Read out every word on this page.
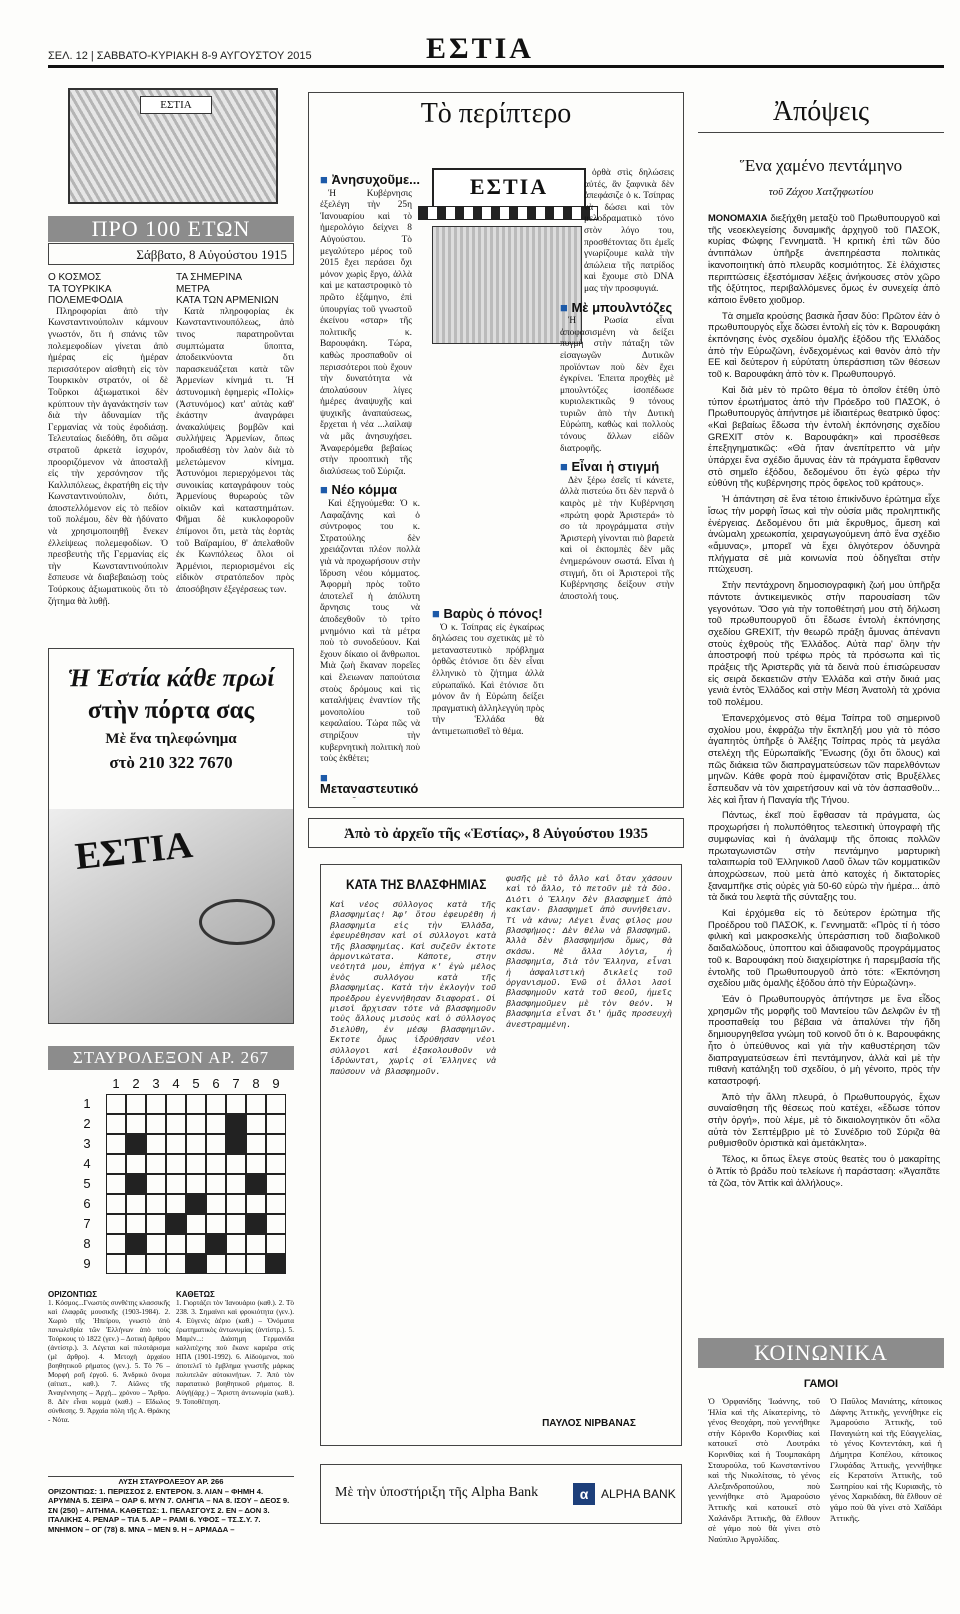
ΣΕΛ. 12 | ΣΑΒΒΑΤΟ-ΚΥΡΙΑΚΗ 8-9 ΑΥΓΟΥΣΤΟΥ 2015	ΕΣΤΙΑ
ΕΣΤΙΑ
ΠΡΟ 100 ΕΤΩΝ
Σάββατο, 8 Αὐγούστου 1915
Ο ΚΟΣΜΟΣ
ΤΑ ΤΟΥΡΚΙΚΑ
ΠΟΛΕΜΕΦΟΔΙΑ

Πληροφορίαι ἀπὸ τὴν Κωνσταντινούπολιν κάμνουν γνωστόν, ὅτι ἡ σπάνις τῶν πολεμεφοδίων γίνεται ἀπὸ ἡμέρας εἰς ἡμέραν περισσότερον αἰσθητὴ εἰς τὸν Τουρκικὸν στρατόν, οἱ δὲ Τοῦρκοι ἀξιωματικοὶ δὲν κρύπτουν τὴν ἀγανάκτησίν των διὰ τὴν ἀδυναμίαν τῆς Γερμανίας νὰ τοὺς ἐφοδιάσῃ. Τελευταίως διεδόθη, ὅτι σῶμα στρατοῦ ἀρκετὰ ἰσχυρόν, προοριζόμενον νὰ ἀποσταλῇ εἰς τὴν χερσόνησον τῆς Καλλιπόλεως, ἐκρατήθη εἰς τὴν Κωνσταντινούπολιν, διότι, ἀποστελλόμενον εἰς τὸ πεδίον τοῦ πολέμου, δὲν θὰ ἠδύνατο νὰ χρησιμοποιηθῇ ἕνεκεν ἐλλείψεως πολεμεφοδίων. Ὁ πρεσβευτὴς τῆς Γερμανίας εἰς τὴν Κωνσταντινούπολιν ἔσπευσε νὰ διαβεβαιώσῃ τοὺς Τούρκους ἀξιωματικοὺς ὅτι τὸ ζήτημα θὰ λυθῇ.

ΤΑ ΣΗΜΕΡΙΝΑ
ΜΕΤΡΑ
ΚΑΤΑ ΤΩΝ ΑΡΜΕΝΙΩΝ

Κατὰ πληροφορίας ἐκ Κωνσταντινουπόλεως, ἀπὸ τινος παρατηροῦνται συμπτώματα ὕποπτα, ἀποδεικνύοντα ὅτι παρασκευάζεται κατὰ τῶν Ἀρμενίων κίνημά τι. Ἡ ἀστυνομικὴ ἐφημερὶς «Πολίς» (Ἀστυνόμος) κατ' αὐτὰς καθ' ἑκάστην ἀναγράφει ἀνακαλύψεις βομβῶν καὶ συλλήψεις Ἀρμενίων, ὅπως προδιαθέσῃ τὸν λαὸν διὰ τὸ μελετώμενον κίνημα. Ἀστυνόμοι περιερχόμενοι τὰς συνοικίας καταγράφουν τοὺς Ἀρμενίους θυρωροὺς τῶν οἰκιῶν καὶ καταστημάτων. Φῆμαι δὲ κυκλοφοροῦν ἐπίμονοι ὅτι, μετὰ τὰς ἑορτὰς τοῦ Βαϊραμίου, θ' ἀπελαθοῦν ἐκ Κωνπόλεως ὅλοι οἱ Ἀρμένιοι, περιορισμένοι εἰς εἰδικὸν στρατόπεδον πρὸς ἀποσόβησιν ἐξεγέρσεως των.

Ἡ Ἑστία κάθε πρωί
στὴν πόρτα σας
Μὲ ἕνα τηλεφώνημα
στὸ 210 322 7670
ΕΣΤΙΑ
ΣΤΑΥΡΟΛΕΞΟΝ ΑΡ. 267
1 2 3 4 5 6 7 8 9
1
2
3
4
5
6
7
8
9
ΟΡΙΖΟΝΤΙΩΣ
1. Κόσμος...Γνωστὸς συνθέτης κλασσικῆς καὶ ἐλαφρᾶς μουσικῆς (1903-1984). 2. Χωριὸ τῆς Ἠπείρου, γνωστὸ ἀπὸ πανωλεθρία τῶν Ἑλλήνων ἀπὸ τοὺς Τούρκους τὸ 1822 (γεν.) – Δοτικὴ ἄρθρου (ἀντίστρ.). 3. Λέγεται καὶ πιλοτάρισμα (μὲ ἄρθρο). 4. Μετοχὴ ἀρχαίου βοηθητικοῦ ρήματος (γεν.). 5. Τὸ 76 – Μορφὴ ροῆ ἐργοῦ. 6. Ἀνδρικὸ ὄνομα (αἰτιατ., καθ.). 7. Αἰῶνες τῆς Ἀναγέννησης – Ἀρχὴ... χρόνου – Ἄρθρο. 8. Δὲν εἶναι κομμὰ (καθ.) – Εἴδωλος σύνθεσης. 9. Ἀρχαία πόλη τῆς Α. Θράκης - Νότα.
ΚΑΘΕΤΩΣ
1. Γιορτάζει τὸν Ἰανουάριο (καθ.). 2. Τὸ 238. 3. Σημαίνει καὶ φροκιότητα (γεν.). 4. Εὐγενὲς ἀέριο (καθ.) – Ὀνόματα ἐρωτηματικὸς ἀντωνυμίας (ἀντίστρ.). 5. Μαμέν...: Διάσημη Γερμανίδα καλλιτέχνης ποὺ ἔκανε καριέρα στὶς ΗΠΑ (1901-1992). 6. Αἰδούμενοι, ποὺ ἀποτελεῖ τὸ ἔμβλημα γνωστῆς μάρκας πολυτελῶν αὐτοκινήτων. 7. Ἀπὸ τὸν παρατατικὸ βοηθητικοῦ ρήματος. 8. Αὐγή(ἀρχ.) – Ἄριστη ἀντωνυμία (καθ.). 9. Τοποθέτηση.
ΛΥΣΗ ΣΤΑΥΡΟΛΕΞΟΥ ΑΡ. 266
ΟΡΙΖΟΝΤΙΩΣ: 1. ΠΕΡΙΣΣΟΣ 2. ΕΝΤΕΡΟΝ. 3. ΛΙΑΝ – ΦΗΜΗ 4. ΑΡΥΜΝΑ 5. ΣΕΙΡΑ – ΟΑΡ 6. ΜΥΝ 7. ΟΛΗΓΙΑ – ΝΑ 8. ΙΣΟΥ – ΔΕΟΣ 9. ΣΝ (250) – ΑΙΤΗΜΑ. ΚΑΘΕΤΩΣ: 1. ΠΕΛΑΣΓΟΥΣ 2. ΕΝ – ΔΟΝ 3. ΙΤΑΛΙΚΗΣ 4. ΡΕΝΑΡ – ΤΙΑ 5. ΑΡ – ΡΑΜΙ 6. ΥΦΟΣ – ΤΣ.Σ.Υ. 7. ΜΝΗΜΟΝ – ΟΓ (78) 8. ΜΝΑ – ΜΕΝ 9. Η – ΑΡΜΑΔΑ –
Τὸ περίπτερο
ΕΣΤΙΑ
■ Ἀνησυχοῦμε...

Ἡ Κυβέρνησις ἐξελέγη τὴν 25η Ἰανουαρίου καὶ τὸ ἡμερολόγιο δείχνει 8 Αὐγούστου. Τὸ μεγαλύτερο μέρος τοῦ 2015 ἔχει περάσει ὄχι μόνον χωρὶς ἔργο, ἀλλὰ καὶ με καταστροφικὸ τὸ πρῶτο ἑξάμηνο, ἐπὶ ὑπουργίας τοῦ γνωστοῦ ἐκείνου «σταρ» τῆς πολιτικῆς κ. Βαρουφάκη. Τώρα, καθὼς προσπαθοῦν οἱ περισσότεροι ποὺ ἔχουν τὴν δυνατότητα νὰ ἀπολαύσουν λίγες ἡμέρες ἀναψυχῆς καὶ ψυχικῆς ἀναπαύσεως, ἔρχεται ἡ νέα ...λαίλαψ νὰ μᾶς ἀνησυχήσει. Ἀναφερόμεθα βεβαίως στὴν προοπτικὴ τῆς διαλύσεως τοῦ Σύριζα.

■ Νέο κόμμα

Καὶ ἐξηγούμεθα: Ὁ κ. Λαφαζάνης καὶ ὁ σύντροφος του κ. Στρατούλης δὲν χρειάζονται πλέον πολλὰ γιὰ νὰ προχωρήσουν στὴν ἵδρυση νέου κόμματος. Ἀφορμὴ πρὸς τοῦτο ἀποτελεῖ ἡ ἀπόλυτη ἄρνησις τους νὰ ἀποδεχθοῦν τὸ τρίτο μνημόνιο καὶ τὰ μέτρα ποὺ τὸ συνοδεύουν. Καὶ ἔχουν δίκαιο οἱ ἄνθρωποι. Μιὰ ζωὴ ἔκαναν πορεῖες καὶ ἔλειωναν παπούτσια στοὺς δρόμους καὶ τὶς καταλήψεις ἐναντίον τῆς μονοπολίου τοῦ κεφαλαίου. Τώρα πῶς νὰ στηρίξουν τὴν κυβερνητικὴ πολιτικὴ ποὺ τοὺς ἐκθέτει;

■ Μεταναστευτικό

■ Βαρὺς ὁ πόνος!

Ὁ κ. Τσίπρας εἰς ἐγκαίρως δηλώσεις του σχετικὰς μὲ τὸ μεταναστευτικὸ πρόβλημα ὀρθῶς ἐτόνισε ὅτι δὲν εἶναι ἑλληνικὸ τὸ ζήτημα ἀλλὰ εὐρωπαϊκό. Καὶ ἐτόνισε ὅτι μόνον ἂν ἡ Εὐρώπη δείξει πραγματικὴ ἀλληλεγγύη πρὸς τὴν Ἑλλάδα θὰ ἀντιμετωπισθεῖ τὸ θέμα.

ὀρθὰ στὶς δηλώσεις αὐτές, ἂν ξαφνικὰ δὲν ἀπεφάσιζε ὁ κ. Τσίπρας νὰ δώσει καὶ τὸν μελοδραματικὸ τόνο στὸν λόγο του, προσθέτοντας ὅτι ἐμεῖς γνωρίζουμε καλὰ τὴν ἀπώλεια τῆς πατρίδος καὶ ἔχουμε στὸ DNA μας τὴν προσφυγιά.

■ Μὲ μπουλντόζες

Ἡ Ρωσία εἶναι ἀποφασισμένη νὰ δείξει πυγμὴ στὴν πάταξη τῶν εἰσαγωγῶν Δυτικῶν προϊόντων ποὺ δὲν ἔχει ἐγκρίνει. Ἐπειτα προχθὲς μὲ μπουλντόζες ἰσοπέδωσε κυριολεκτικῶς 9 τόνους τυριῶν ἀπὸ τὴν Δυτικὴ Εὐρώπη, καθὼς καὶ πολλοὺς τόνους ἄλλων εἰδῶν διατροφῆς.

■ Εἶναι ἡ στιγμή

Δὲν ξέρω ἐσεῖς τί κάνετε, ἀλλὰ πιστεύω ὅτι δὲν περνᾶ ὁ καιρὸς μὲ τὴν Κυβέρνηση «πρώτη φορὰ Ἀριστερά» τὸ σο τὰ προγράμματα στὴν Ἀριστερὴ γίνονται πιὸ βαρετὰ καὶ οἱ ἐκπομπὲς δὲν μᾶς ἐνημερώνουν σωστά. Εἶναι ἡ στιγμή, ὅτι οἱ Ἀριστεροὶ τῆς Κυβέρνησης δείξουν στὴν ἀποστολή τους.

Ἀπὸ τὸ ἀρχεῖο τῆς «Ἑστίας», 8 Αὐγούστου 1935
ΚΑΤΑ ΤΗΣ ΒΛΑΣΦΗΜΙΑΣ
Καὶ νέος σύλλογος κατὰ τῆς βλασφημίας! Ἀφ' ὅτου ἐφευρέθη ἡ βλασφημία εἰς τὴν Ἑλλάδα, ἐφευρέθησαν καὶ οἱ σύλλογοι κατὰ τῆς βλασφημίας. Καὶ συζεῦν ἐκτοτε ἀρμονικώτατα. Κάποτε, στην νεότητά μου, ἐπήγα κ' ἐγὼ μέλος ἑνὸς συλλόγου κατὰ τῆς βλασφημίας. Κατὰ τὴν ἐκλογὴν τοῦ προέδρου ἐγεννήθησαν διαφοραί. Οἱ μισοὶ ἄρχισαν τότε νὰ βλασφημοῦν τοὺς ἄλλους μισοὺς καὶ ὁ σύλλογος διελύθη, ἐν μέσῳ βλασφημιῶν. Ἔκτοτε ὅμως ἱδρύθησαν νέοι σύλλογοι καὶ ἐξακολουθοῦν νὰ ἱδρύωνται, χωρὶς οἱ Ἕλληνες νὰ παύσουν νὰ βλασφημοῦν.
φυσῆς μὲ τὸ ἄλλο καὶ ὅταν χάσουν καὶ τὸ ἄλλο, τὸ πετοῦν μὲ τὰ δύο. Διότι ὁ Ἕλλην δὲν βλασφημεῖ ἀπὸ κακίαν· βλασφημεῖ ἀπὸ συνήθειαν. Τί νὰ κάνω; Λέγει ἕνας φίλος μου βλασφήμος: Δὲν θέλω νὰ βλασφημῶ. Ἀλλὰ δὲν βλασφημήσω ὅμως, θὰ σκάσω. Μὲ ἄλλα λόγια, ἡ βλασφημία, διὰ τὸν Ἕλληνα, εἶναι ἡ ἀσφαλιστικὴ δικλεὶς τοῦ ὀργανισμοῦ. Ἐνῶ οἱ ἄλλοι λαοὶ βλασφημοῦν κατὰ τοῦ Θεοῦ, ἡμεῖς βλασφημοῦμεν μὲ τὸν Θεόν. Ἡ βλασφημία εἶναι δι' ἡμᾶς προσευχὴ ἀνεστραμμένη.
ΠΑΥΛΟΣ ΝΙΡΒΑΝΑΣ
Μὲ τὴν ὑποστήριξη τῆς Alpha Bank	α	ALPHA BANK
Ἀπόψεις
Ἕνα χαμένο πεντάμηνο
τοῦ Ζάχου Χατζηφωτίου

ΜΟΝΟΜΑΧΙΑ διεξήχθη μεταξὺ τοῦ Πρωθυπουργοῦ καὶ τῆς νεοεκλεγείσης δυναμικῆς ἀρχηγοῦ τοῦ ΠΑΣΟΚ, κυρίας Φώφης Γεννηματᾶ. Ἡ κριτικὴ ἐπὶ τῶν δύο ἀντιπάλων ὑπῆρξε ἀνεπηρέαστα πολιτικὰς ἱκανοποιητικὴ ἀπὸ πλευρᾶς κοσμιότητος. Σὲ ἐλάχιστες περιπτώσεις ἐξεστόμισαν λέξεις ἀνήκουσες στὸν χῶρο τῆς ὀξύτητος, περιβαλλόμενες ὅμως ἐν συνεχείᾳ ἀπὸ κάποιο ἔνθετο χιοῦμορ.

Τὰ σημεῖα κρούσης βασικὰ ἦσαν δύο: Πρῶτον ἐὰν ὁ πρωθυπουργὸς εἶχε δώσει ἐντολὴ εἰς τὸν κ. Βαρουφάκη ἐκπόνησης ἑνὸς σχεδίου ὁμαλῆς ἐξόδου τῆς Ἑλλάδος ἀπὸ τὴν Εὐρωζώνη, ἐνδεχομένως καὶ θανὸν ἀπὸ τὴν ΕΕ καὶ δεύτερον ἡ εὐρύτατη ὑπεράσπιση τῶν θέσεων τοῦ κ. Βαρουφάκη ἀπὸ τὸν κ. Πρωθυπουργό.

Καὶ διὰ μὲν τὸ πρῶτο θέμα τὸ ὁποῖον ἐτέθη ὑπὸ τύπον ἐρωτήματος ἀπὸ τὴν Πρόεδρο τοῦ ΠΑΣΟΚ, ὁ Πρωθυπουργὸς ἀπήντησε μὲ ἰδιαιτέρως θεατρικὸ ὕφος: «Καὶ βεβαίως ἔδωσα τὴν ἐντολὴ ἐκπόνησης σχεδίου GREXIT στὸν κ. Βαρουφάκη» καὶ προσέθεσε ἐπεξηγηματικῶς: «Θὰ ἤταν ἀνεπίτρεπτο νὰ μὴν ὑπάρχει ἕνα σχέδιο ἄμυνας ἐὰν τὰ πράγματα ἔφθαναν στὸ σημεῖο ἐξόδου, δεδομένου ὅτι ἐγὼ φέρω τὴν εὐθύνη τῆς κυβέρνησης πρὸς ὅφελος τοῦ κράτους».

Ἡ ἀπάντηση σὲ ἕνα τέτοιο ἐπικίνδυνο ἐρώτημα εἶχε ἴσως τὴν μορφὴ ἴσως καὶ τὴν οὐσία μιᾶς προληπτικῆς ἐνέργειας. Δεδομένου ὅτι μιὰ ἔκρυθμος, ἄμεση καὶ ἀνώμαλη χρεωκοπία, χειραγωγούμενη ἀπὸ ἕνα σχέδιο «ἄμυνας», μπορεῖ νὰ ἔχει ὀλιγότερον ὀδυνηρὰ πλήγματα σὲ μιὰ κοινωνία ποὺ ὁδηγεῖται στὴν πτώχευση.

Στὴν πεντάχρονη δημοσιογραφικὴ ζωή μου ὑπῆρξα πάντοτε ἀντικειμενικὸς στὴν παρουσίαση τῶν γεγονότων. Ὅσο γιὰ τὴν τοποθέτησή μου στὴ δήλωση τοῦ πρωθυπουργοῦ ὅτι ἔδωσε ἐντολὴ ἐκπόνησης σχεδίου GREXIT, τὴν θεωρῶ πράξη ἄμυνας ἀπέναντι στοὺς ἐχθροὺς τῆς Ἑλλάδος. Αὐτὰ παρ' ὅλην τὴν ἀποστροφή ποὺ τρέφω πρὸς τὰ πρόσωπα καὶ τὶς πράξεις τῆς Ἀριστερᾶς γιὰ τὰ δεινὰ ποὺ ἐπισώρευσαν εἰς σειρὰ δεκαετιῶν στὴν Ἑλλάδα καὶ στὴν δικιά μας γενιὰ ἐντὸς Ἑλλάδος καὶ στὴν Μέση Ἀνατολὴ τὰ χρόνια τοῦ πολέμου.

Ἐπανερχόμενος στὸ θέμα Τσίπρα τοῦ σημερινοῦ σχολίου μου, ἐκφράζω τὴν ἔκπληξή μου γιὰ τὸ πόσο ἀγαπητὸς ὑπῆρξε ὁ Ἀλέξης Τσίπρας πρὸς τὰ μεγάλα στελέχη τῆς Εὐρωπαϊκῆς Ἕνωσης (ὄχι ὅτι ὅλους) καὶ πῶς διάκεια τῶν διαπραγματεύσεων τῶν παρελθόντων μηνῶν. Κάθε φορὰ ποὺ ἐμφανιζόταν στὶς Βρυξέλλες ἔσπευδαν νὰ τὸν χαιρετήσουν καὶ νὰ τὸν ἀσπασθοῦν... λὲς καὶ ἦταν ἡ Παναγία τῆς Τήνου.

Πάντως, ἐκεῖ ποὺ ἔφθασαν τὰ πράγματα, ὡς προχωρήσει ἡ πολυπόθητος τελεσιτικὴ ὑπογραφὴ τῆς συμφωνίας καὶ ἡ ἀνάλαμψ τῆς ὅποιας πολλῶν πρωταγωνιστῶν στὴν πεντάμηνο μαρτυρικὴ ταλαιπωρία τοῦ Ἑλληνικοῦ Λαοῦ ὅλων τῶν κομματικῶν ἀποχρώσεων, ποὺ μετὰ ἀπὸ κατοχὲς ἡ δικτατορίες ξαναμπῆκε στὶς οὐρὲς γιὰ 50-60 εὐρὼ τὴν ἡμέρα... ἀπὸ τὰ δικά του λεφτὰ τῆς σύνταξης του.

Καὶ ἐρχόμεθα εἰς τὸ δεύτερον ἐρώτημα τῆς Προέδρου τοῦ ΠΑΣΟΚ, κ. Γεννηματᾶ: «Πρὸς τί ἡ τόσο φιλικὴ καὶ μακροσκελὴς ὑπεράσπιση τοῦ διαβολικοῦ δαιδαλώδους, ὑποπτου καὶ ἀδιαφανοῦς προγράμματος τοῦ κ. Βαρουφάκη ποὺ διαχειρίστηκε ἡ παρεμβασία τῆς ἐντολῆς τοῦ Πρωθυπουργοῦ ἀπὸ τότε: «Ἐκπόνηση σχεδίου μιᾶς ὁμαλῆς ἐξόδου ἀπὸ τὴν Εὐρωζώνη».

Ἐάν ὁ Πρωθυπουργὸς ἀπήντησε με ἕνα εἶδος χρησμῶν τῆς μορφῆς τοῦ Μαντείου τῶν Δελφῶν ἐν τῇ προσπαθείᾳ του βέβαια νὰ ἀπαλύνει τὴν ἤδη δημιουργηθεῖσα γνώμη τοῦ κοινοῦ ὅτι ὁ κ. Βαρουφάκης ἦτο ὁ ὑπεύθυνος καὶ γιὰ τὴν καθυστέρηση τῶν διαπραγματεύσεων ἐπὶ πεντάμηνον, ἀλλὰ καὶ μὲ τὴν πιθανὴ κατάληξη τοῦ σχεδίου, ὁ μὴ γένοιτο, πρὸς τὴν καταστροφή.

Ἀπὸ τὴν ἄλλη πλευρά, ὁ Πρωθυπουργός, ἔχων συναίσθηση τῆς θέσεως ποὺ κατέχει, «ἔδωσε τόπον στὴν ὀργή», ποὺ λέμε, μὲ τὸ δικαιολογητικὸν ὅτι «ὅλα αὐτὰ τὸν Σεπτέμβριο μὲ τὸ Συνέδριο τοῦ Σύριζα θὰ ρυθμισθοῦν ὁριστικὰ καὶ ἀμετάκλητα».

Τέλος, κι ὅπως ἔλεγε στοὺς θεατὲς του ὁ μακαρίτης ὁ Ἀττίκ τὸ βράδυ ποὺ τελείωνε ἡ παράσταση: «Ἀγαπᾶτε τὰ ζῶα, τὸν Ἀττὶκ καὶ ἀλλήλους».

ΚΟΙΝΩΝΙΚΑ
ΓΑΜΟΙ
Ὁ Ὀρφανίδης Ἰωάννης, τοῦ Ἠλία καὶ τῆς Αἰκατερίνης, τὸ γένος Θεοχάρη, ποὺ γεννήθηκε στὴν Κόρινθο Κορινθίας καὶ κατοικεῖ στὸ Λουτράκι Κορινθίας καὶ ἡ Τουμπακάρη Σταυρούλα, τοῦ Κωνσταντίνου καὶ τῆς Νικολίτσας, τὸ γένος Αλεξανδροπούλου, ποὺ γεννήθηκε στὸ Ἀμαρούσιο Ἀττικῆς καὶ κατοικεῖ στὸ Χαλάνδρι Ἀττικῆς, θὰ ἔλθουν σὲ γάμο ποὺ θὰ γίνει στὸ Ναύπλιο Ἀργολίδας.
Ὁ Παῦλος Μανιάτης, κάτοικος Δάφνης Ἀττικῆς, γεννήθηκε εἰς Ἀμαρούσιο Ἀττικῆς, τοῦ Παναγιώτη καὶ τῆς Εὐαγγελίας, τὸ γένος Κοντεντάκη, καὶ ἡ Δήμητρα Κοπέλου, κάτοικος Γλυφάδας Ἀττικῆς, γεννήθηκε εἰς Κερατσίνι Ἀττικῆς, τοῦ Σωτηρίου καὶ τῆς Κυριακῆς, τὸ γένος Χαρκιδάκη, θὰ ἔλθουν σὲ γάμο ποὺ θὰ γίνει στὸ Χαϊδάρι Ἀττικῆς.
